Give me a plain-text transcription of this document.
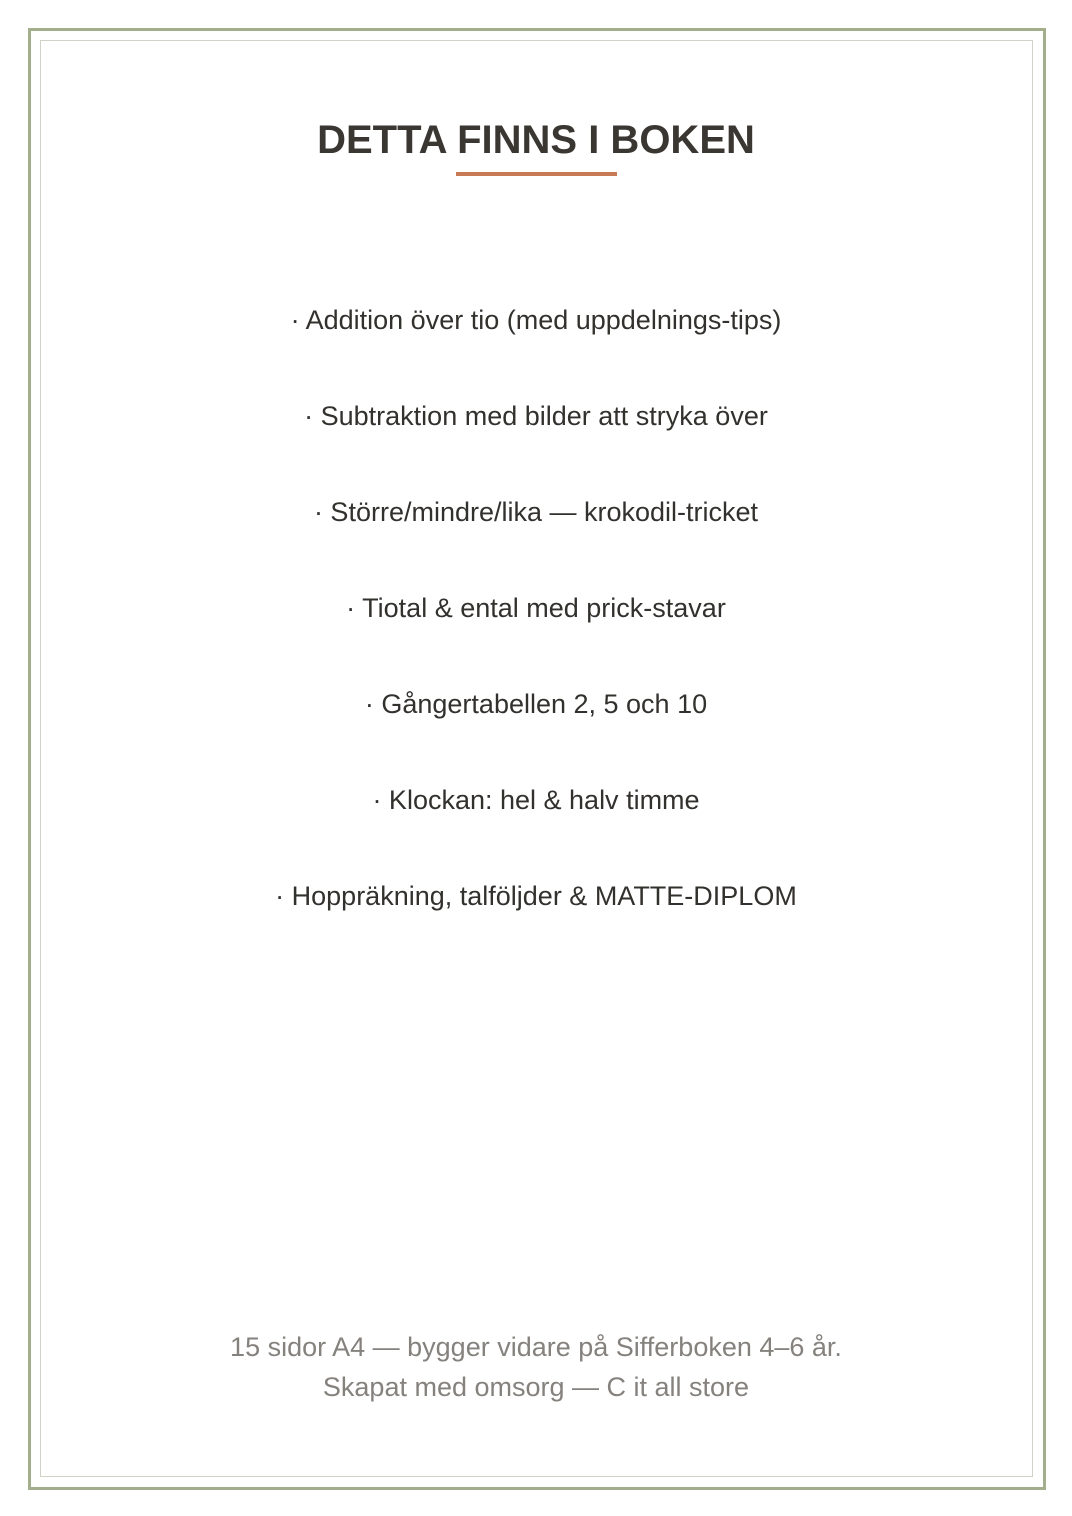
DETTA FINNS I BOKEN
· Addition över tio (med uppdelnings-tips)
· Subtraktion med bilder att stryka över
· Större/mindre/lika — krokodil-tricket
· Tiotal & ental med prick-stavar
· Gångertabellen 2, 5 och 10
· Klockan: hel & halv timme
· Hoppräkning, talföljder & MATTE-DIPLOM
15 sidor A4 — bygger vidare på Sifferboken 4–6 år.
Skapat med omsorg — C it all store
